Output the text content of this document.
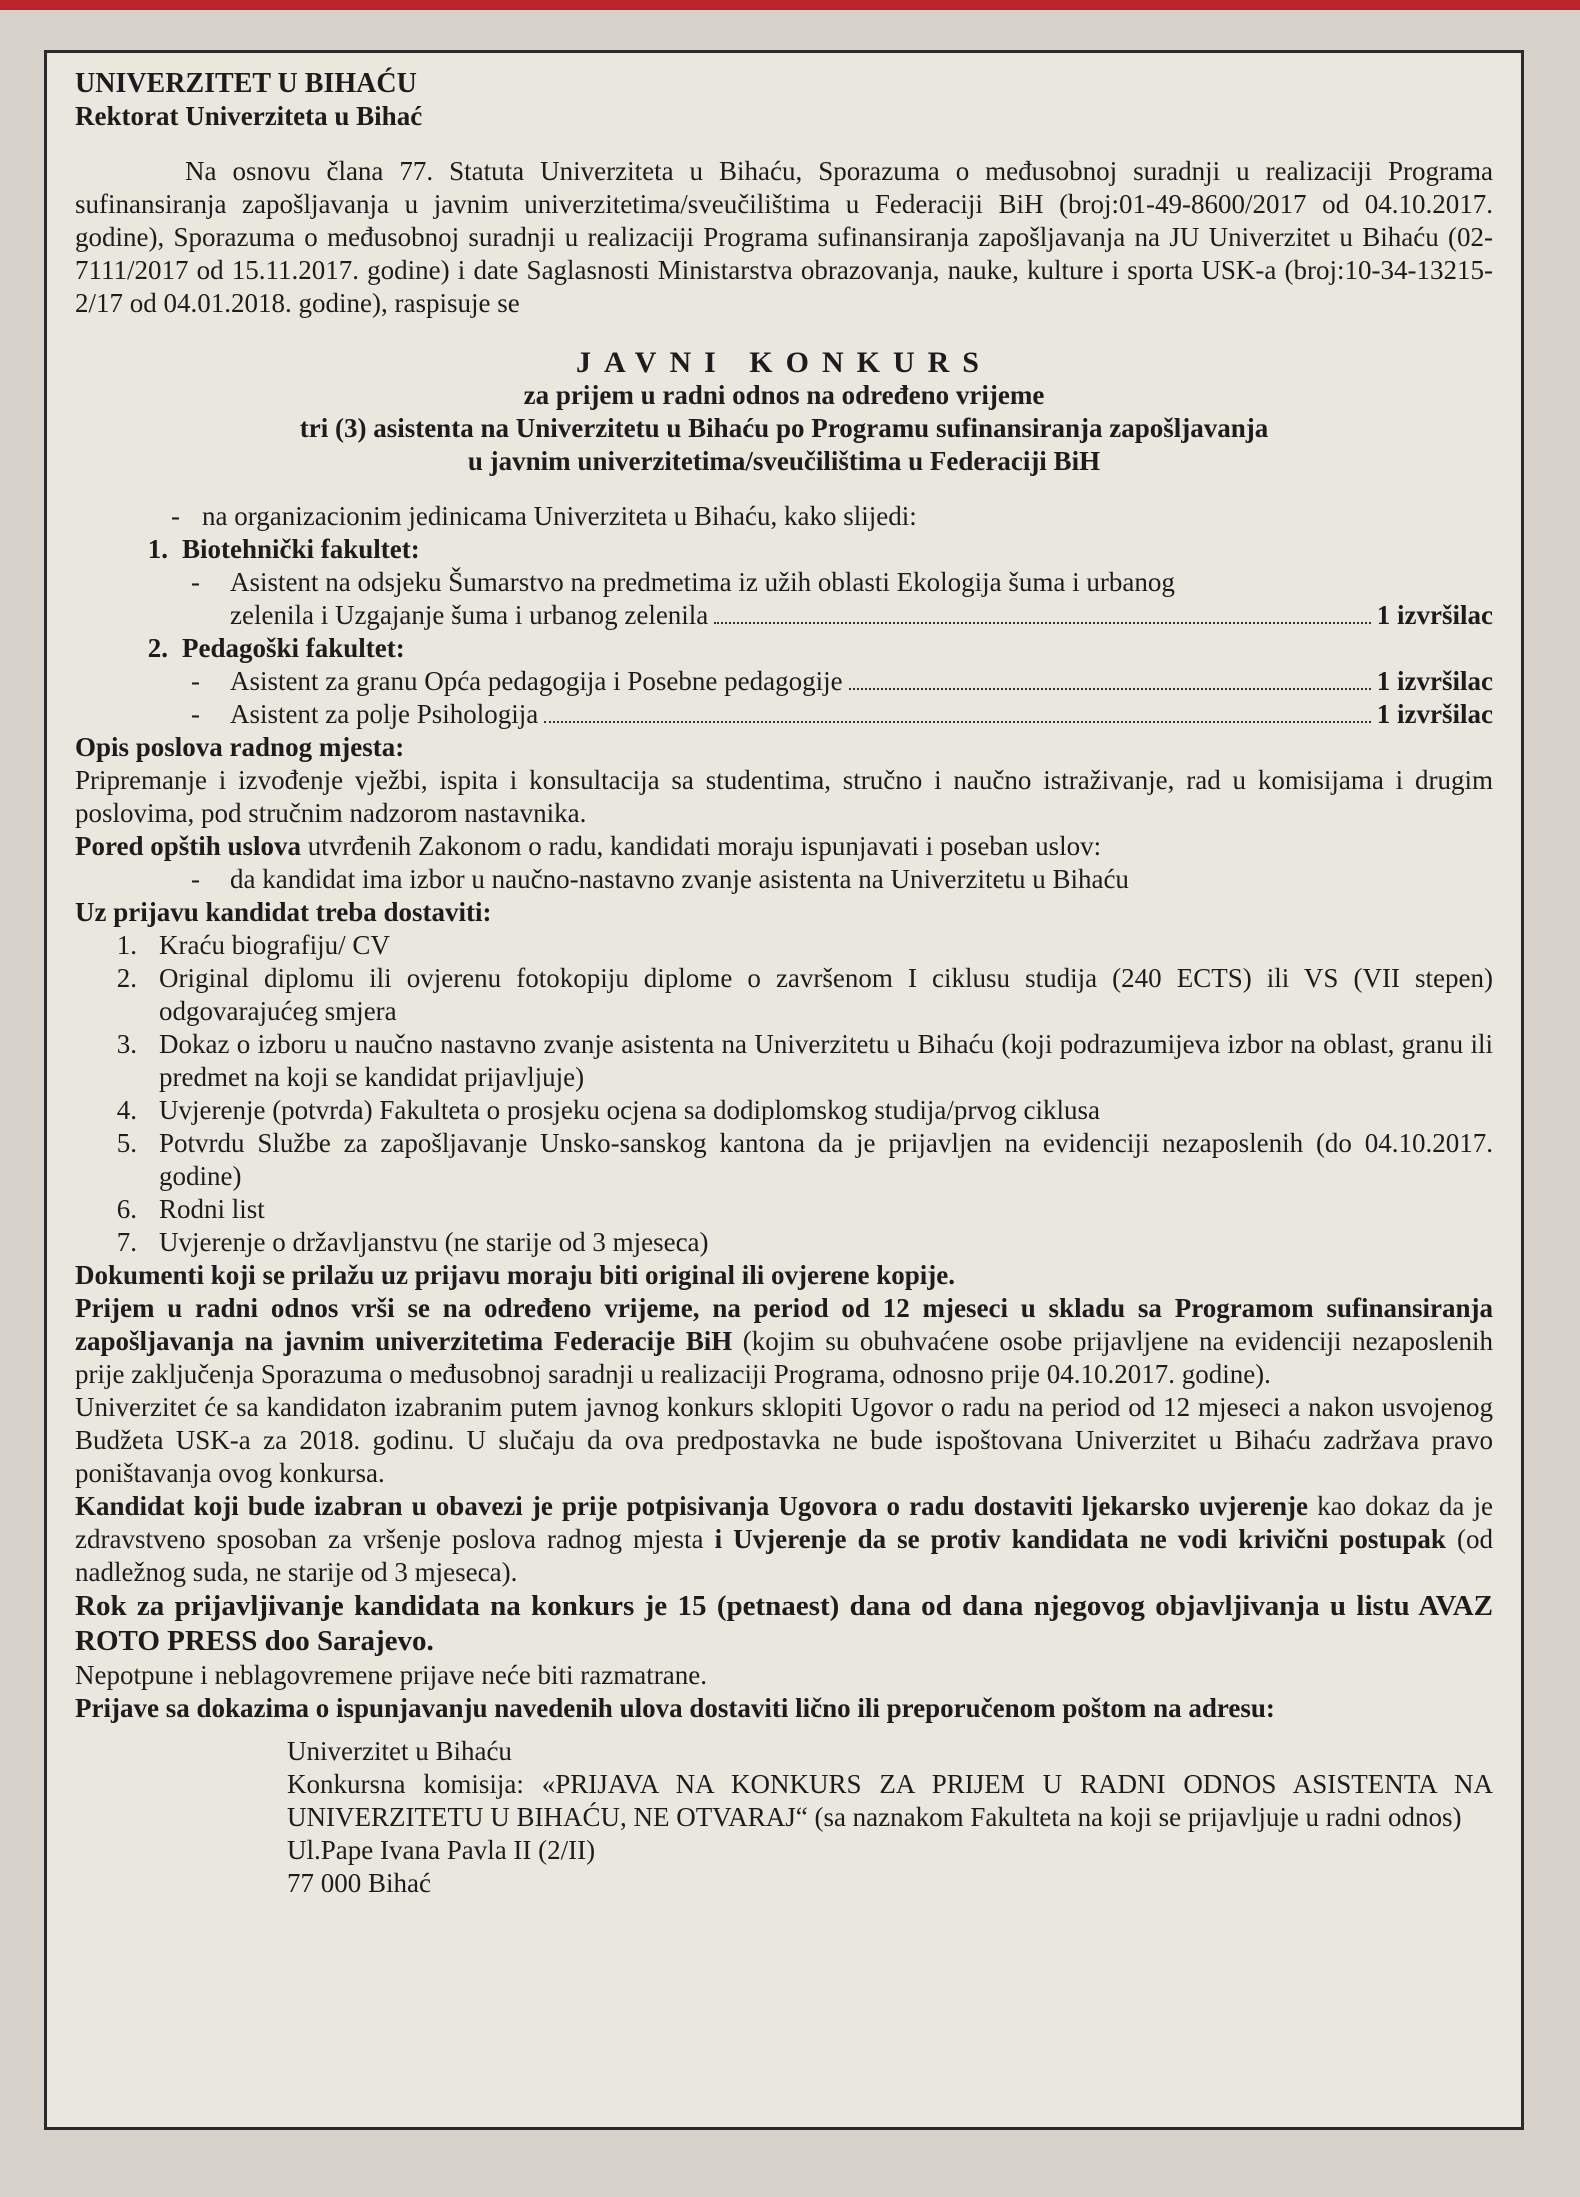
UNIVERZITET U BIHAĆU

Rektorat Univerziteta u Bihać

Na osnovu člana 77. Statuta Univerziteta u Bihaću, Sporazuma o međusobnoj suradnji u realizaciji Programa sufinansiranja zapošljavanja u javnim univerzitetima/sveučilištima u Federaciji BiH (broj:01-49-8600/2017 od 04.10.2017. godine), Sporazuma o međusobnoj suradnji u realizaciji Programa sufinansiranja zapošljavanja na JU Univerzitet u Bihaću (02-7111/2017 od 15.11.2017. godine) i date Saglasnosti Ministarstva obrazovanja, nauke, kulture i sporta USK-a (broj:10-34-13215-2/17 od 04.01.2018. godine), raspisuje se

JAVNI KONKURS

za prijem u radni odnos na određeno vrijeme

tri (3) asistenta na Univerzitetu u Bihaću po Programu sufinansiranja zapošljavanja

u javnim univerzitetima/sveučilištima u Federaciji BiH

- na organizacionim jedinicama Univerziteta u Bihaću, kako slijedi:
1. Biotehnički fakultet:
-	Asistent na odsjeku Šumarstvo na predmetima iz užih oblasti Ekologija šuma i urbanog
zelenila i Uzgajanje šuma i urbanog zelenila	1 izvršilac
2. Pedagoški fakultet:
-	Asistent za granu Opća pedagogija i Posebne pedagogije	1 izvršilac
-	Asistent za polje Psihologija	1 izvršilac

Opis poslova radnog mjesta:

Pripremanje i izvođenje vježbi, ispita i konsultacija sa studentima, stručno i naučno istraživanje, rad u komisijama i drugim poslovima, pod stručnim nadzorom nastavnika.

Pored opštih uslova utvrđenih Zakonom o radu, kandidati moraju ispunjavati i poseban uslov:

-	da kandidat ima izbor u naučno-nastavno zvanje asistenta na Univerzitetu u Bihaću

Uz prijavu kandidat treba dostaviti:

1. Kraću biografiju/ CV
2. Original diplomu ili ovjerenu fotokopiju diplome o završenom I ciklusu studija (240 ECTS) ili VS (VII stepen) odgovarajućeg smjera
3. Dokaz o izboru u naučno nastavno zvanje asistenta na Univerzitetu u Bihaću (koji podrazumijeva izbor na oblast, granu ili predmet na koji se kandidat prijavljuje)
4. Uvjerenje (potvrda) Fakulteta o prosjeku ocjena sa dodiplomskog studija/prvog ciklusa
5. Potvrdu Službe za zapošljavanje Unsko-sanskog kantona da je prijavljen na evidenciji nezaposlenih (do 04.10.2017. godine)
6. Rodni list
7. Uvjerenje o državljanstvu (ne starije od 3 mjeseca)

Dokumenti koji se prilažu uz prijavu moraju biti original ili ovjerene kopije.

Prijem u radni odnos vrši se na određeno vrijeme, na period od 12 mjeseci u skladu sa Programom sufinansiranja zapošljavanja na javnim univerzitetima Federacije BiH (kojim su obuhvaćene osobe prijavljene na evidenciji nezaposlenih prije zaključenja Sporazuma o međusobnoj saradnji u realizaciji Programa, odnosno prije 04.10.2017. godine).

Univerzitet će sa kandidaton izabranim putem javnog konkurs sklopiti Ugovor o radu na period od 12 mjeseci a nakon usvojenog Budžeta USK-a za 2018. godinu. U slučaju da ova predpostavka ne bude ispoštovana Univerzitet u Bihaću zadržava pravo poništavanja ovog konkursa.

Kandidat koji bude izabran u obavezi je prije potpisivanja Ugovora o radu dostaviti ljekarsko uvjerenje kao dokaz da je zdravstveno sposoban za vršenje poslova radnog mjesta i Uvjerenje da se protiv kandidata ne vodi krivični postupak (od nadležnog suda, ne starije od 3 mjeseca).

Rok za prijavljivanje kandidata na konkurs je 15 (petnaest) dana od dana njegovog objavljivanja u listu AVAZ ROTO PRESS doo Sarajevo.

Nepotpune i neblagovremene prijave neće biti razmatrane.

Prijave sa dokazima o ispunjavanju navedenih ulova dostaviti lično ili preporučenom poštom na adresu:

Univerzitet u Bihaću

Konkursna komisija: «PRIJAVA NA KONKURS ZA PRIJEM U RADNI ODNOS ASISTENTA NA UNIVERZITETU U BIHAĆU, NE OTVARAJ“ (sa naznakom Fakulteta na koji se prijavljuje u radni odnos)

Ul.Pape Ivana Pavla II (2/II)

77 000 Bihać
